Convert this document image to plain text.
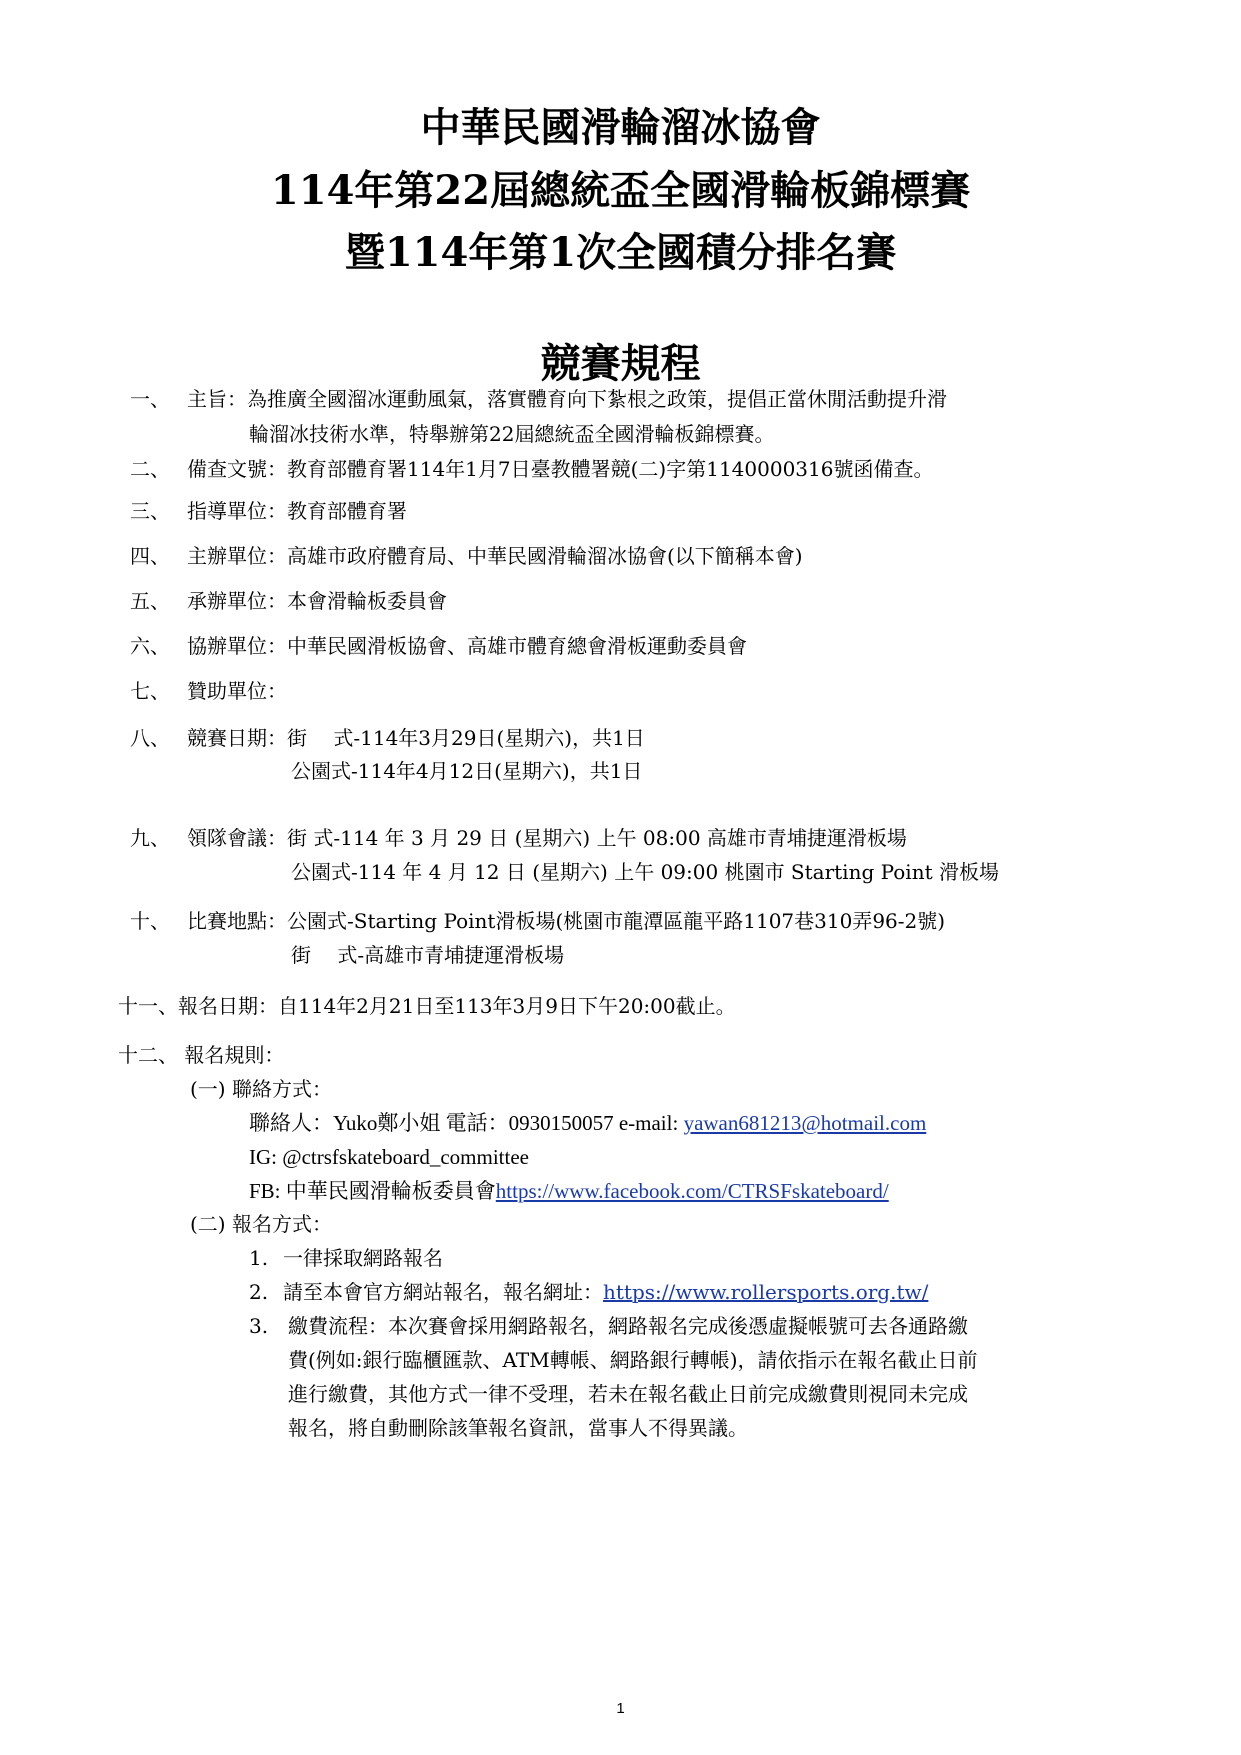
中華民國滑輪溜冰協會
114年第22屆總統盃全國滑輪板錦標賽
暨114年第1次全國積分排名賽
競賽規程
一、 主旨：為推廣全國溜冰運動風氣，落實體育向下紮根之政策，提倡正當休閒活動提升滑
輪溜冰技術水準，特舉辦第22屆總統盃全國滑輪板錦標賽。
二、 備查文號：教育部體育署114年1月7日臺教體署競(二)字第1140000316號函備查。
三、 指導單位：教育部體育署
四、 主辦單位：高雄市政府體育局、中華民國滑輪溜冰協會(以下簡稱本會)
五、 承辦單位：本會滑輪板委員會
六、 協辦單位：中華民國滑板協會、高雄市體育總會滑板運動委員會
七、 贊助單位：
八、 競賽日期：街　 式-114年3月29日(星期六)，共1日
公園式-114年4月12日(星期六)，共1日
九、 領隊會議：街 式-114 年 3 月 29 日 (星期六) 上午 08:00 高雄市青埔捷運滑板場
公園式-114 年 4 月 12 日 (星期六) 上午 09:00 桃園市 Starting Point 滑板場
十、 比賽地點：公園式-Starting Point滑板場(桃園市龍潭區龍平路1107巷310弄96-2號)
街　 式-高雄市青埔捷運滑板場
十一、報名日期：自114年2月21日至113年3月9日下午20:00截止。
十二、 報名規則：
(一) 聯絡方式：
聯絡人：Yuko鄭小姐 電話：0930150057 e-mail: yawan681213@hotmail.com
IG: @ctrsfskateboard_committee
FB: 中華民國滑輪板委員會https://www.facebook.com/CTRSFskateboard/
(二) 報名方式：
1. 一律採取網路報名
2. 請至本會官方網站報名，報名網址：https://www.rollersports.org.tw/
3. 繳費流程：本次賽會採用網路報名，網路報名完成後憑虛擬帳號可去各通路繳
費(例如:銀行臨櫃匯款、ATM轉帳、網路銀行轉帳)，請依指示在報名截止日前
進行繳費，其他方式一律不受理，若未在報名截止日前完成繳費則視同未完成
報名，將自動刪除該筆報名資訊，當事人不得異議。
1
